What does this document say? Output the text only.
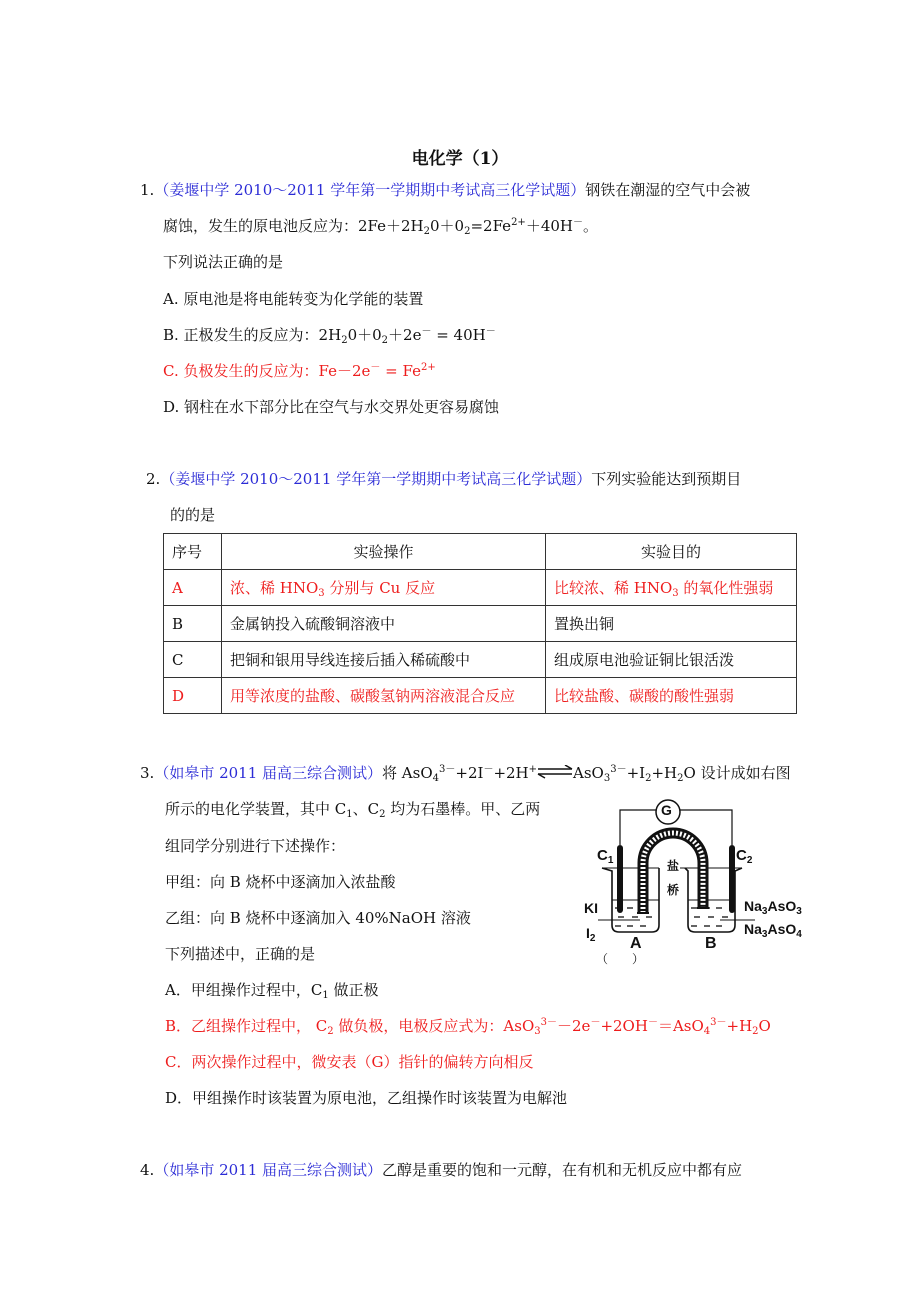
电化学（1）
1.（姜堰中学 2010～2011 学年第一学期期中考试高三化学试题）钢铁在潮湿的空气中会被
腐蚀，发生的原电池反应为：$2Fe+2H_20+0_2=2Fe^{2+}+40H^-$。
下列说法正确的是
A. 原电池是将电能转变为化学能的装置
B. 正极发生的反应为：$2H_20+0_2+2e^- = 40H^-$
C. 负极发生的反应为：$Fe-2e^- = Fe^{2+}$
D. 钢柱在水下部分比在空气与水交界处更容易腐蚀
2.（姜堰中学 2010～2011 学年第一学期期中考试高三化学试题）下列实验能达到预期目
的的是
序号	实验操作	实验目的
A	浓、稀 $HNO_3$ 分别与 Cu 反应	比较浓、稀 $HNO_3$ 的氧化性强弱
B	金属钠投入硫酸铜溶液中	置换出铜
C	把铜和银用导线连接后插入稀硫酸中	组成原电池验证铜比银活泼
D	用等浓度的盐酸、碳酸氢钠两溶液混合反应	比较盐酸、碳酸的酸性强弱
3.（如皋市 2011 届高三综合测试）将 $AsO_4^{3-}+2I^-+2H^+\rightleftharpoons AsO_3^{3-}+I_2+H_2O$ 设计成如右图
所示的电化学装置，其中 $C_1$、$C_2$ 均为石墨棒。甲、乙两
组同学分别进行下述操作：
甲组：向 B 烧杯中逐滴加入浓盐酸
乙组：向 B 烧杯中逐滴加入 40%NaOH 溶液
下列描述中，正确的是
G
$C_1$	$C_2$
盐
桥
KI
$I_2$ A	B
$Na_3AsO_3$
$Na_3AsO_4$
（　　）
A．甲组操作过程中，$C_1$ 做正极
B．乙组操作过程中， $C_2$ 做负极，电极反应式为：$AsO_3^{3-}-2e^-+2OH^-=AsO_4^{3-}+H_2O$
C．两次操作过程中，微安表（G）指针的偏转方向相反
D．甲组操作时该装置为原电池，乙组操作时该装置为电解池
4.（如皋市 2011 届高三综合测试）乙醇是重要的饱和一元醇，在有机和无机反应中都有应
